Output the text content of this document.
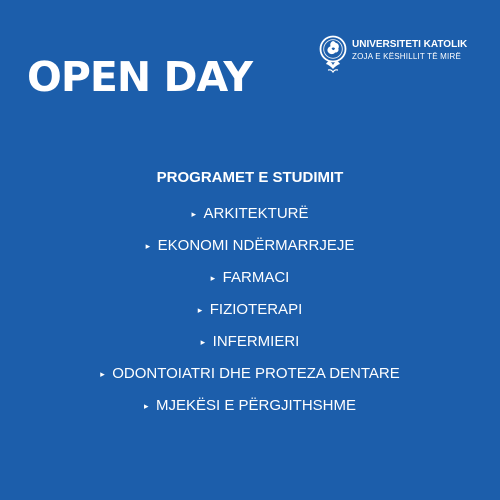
OPEN DAY
UNIVERSITETI KATOLIK
ZOJA E KËSHILLIT TË MIRË
PROGRAMET E STUDIMIT
▸ ARKITEKTURË
▸ EKONOMI NDËRMARRJEJE
▸ FARMACI
▸ FIZIOTERAPI
▸ INFERMIERI
▸ ODONTOIATRI DHE PROTEZA DENTARE
▸ MJEKËSI E PËRGJITHSHME
